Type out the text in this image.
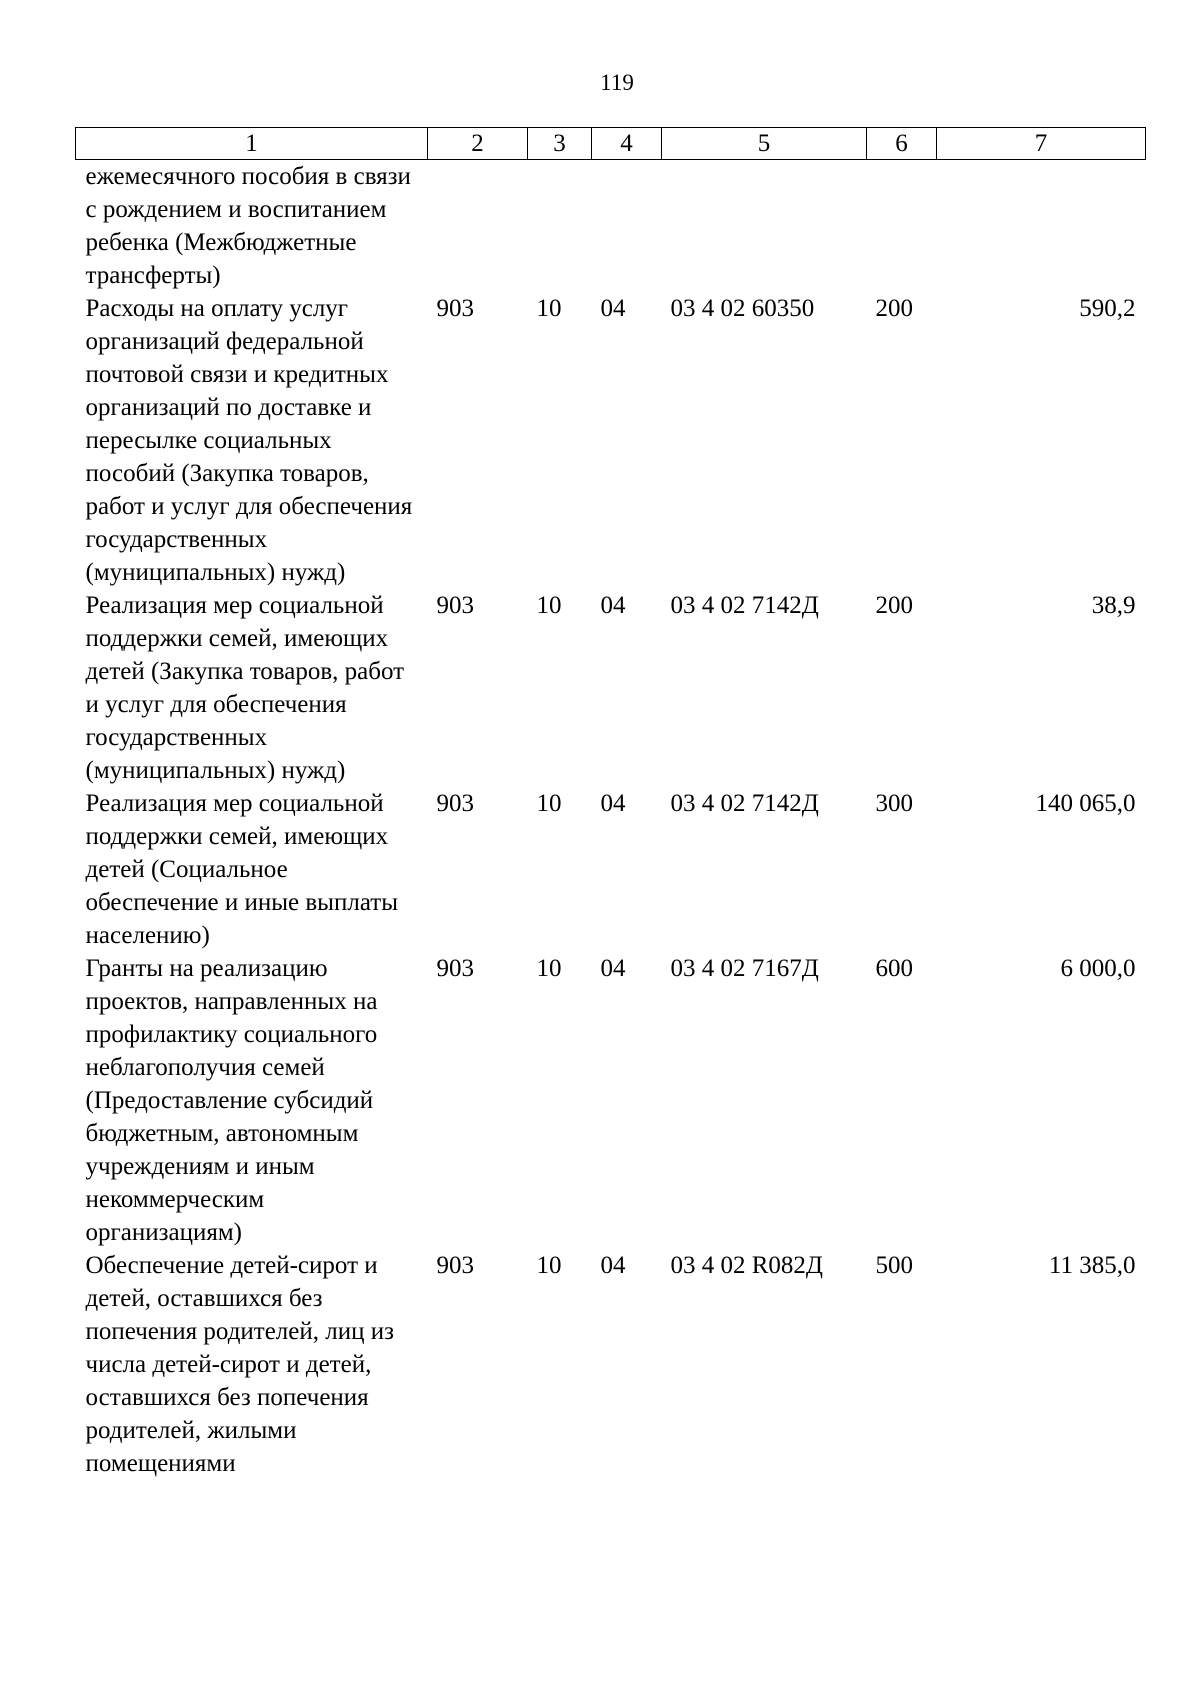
119
1	2	3	4	5	6	7
ежемесячного пособия в связи с рождением и воспитанием ребенка (Межбюджетные трансферты)						
Расходы на оплату услуг организаций федеральной почтовой связи и кредитных организаций по доставке и пересылке социальных пособий (Закупка товаров, работ и услуг для обеспечения государственных (муниципальных) нужд)	903	10	04	03 4 02 60350	200	590,2
Реализация мер социальной поддержки семей, имеющих детей (Закупка товаров, работ и услуг для обеспечения государственных (муниципальных) нужд)	903	10	04	03 4 02 7142Д	200	38,9
Реализация мер социальной поддержки семей, имеющих детей (Социальное обеспечение и иные выплаты населению)	903	10	04	03 4 02 7142Д	300	140 065,0
Гранты на реализацию проектов, направленных на профилактику социального неблагополучия семей (Предоставление субсидий бюджетным, автономным учреждениям и иным некоммерческим организациям)	903	10	04	03 4 02 7167Д	600	6 000,0
Обеспечение детей-сирот и детей, оставшихся без попечения родителей, лиц из числа детей-сирот и детей, оставшихся без попечения родителей, жилыми помещениями	903	10	04	03 4 02 R082Д	500	11 385,0
